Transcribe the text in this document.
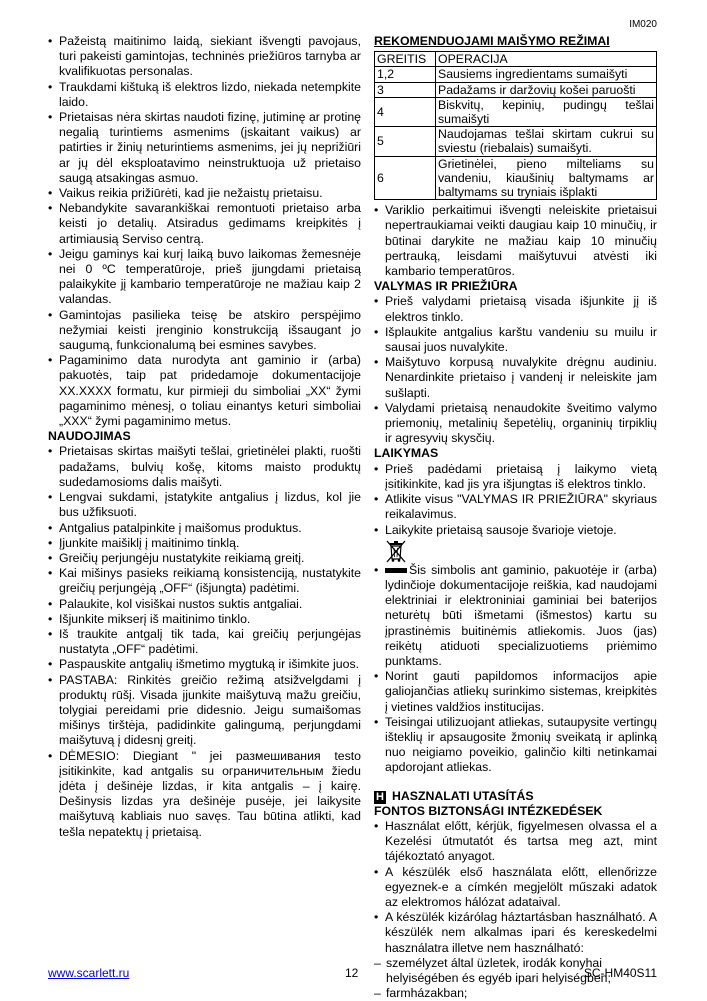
IM020
• Pažeistą maitinimo laidą, siekiant išvengti pavojaus, turi pakeisti gamintojas, techninės priežiūros tarnyba ar kvalifikuotas personalas.
• Traukdami kištuką iš elektros lizdo, niekada netempkite laido.
• Prietaisas nėra skirtas naudoti fizinę, jutiminę ar protinę negalią turintiems asmenims (įskaitant vaikus) ar patirties ir žinių neturintiems asmenims, jei jų neprižiūri ar jų dėl eksploatavimo neinstruktuoja už prietaiso saugą atsakingas asmuo.
• Vaikus reikia prižiūrėti, kad jie nežaistų prietaisu.
• Nebandykite savarankiškai remontuoti prietaiso arba keisti jo detalių. Atsiradus gedimams kreipkitės į artimiausią Serviso centrą.
• Jeigu gaminys kai kurį laiką buvo laikomas žemesnėje nei 0 ºC temperatūroje, prieš įjungdami prietaisą palaikykite jį kambario temperatūroje ne mažiau kaip 2 valandas.
• Gamintojas pasilieka teisę be atskiro perspėjimo nežymiai keisti įrenginio konstrukciją išsaugant jo saugumą, funkcionalumą bei esmines savybes.
• Pagaminimo data nurodyta ant gaminio ir (arba) pakuotės, taip pat pridedamoje dokumentacijoje XX.XXXX formatu, kur pirmieji du simboliai „XX“ žymi pagaminimo mėnesį, o toliau einantys keturi simboliai „XXX“ žymi pagaminimo metus.

NAUDOJIMAS

• Prietaisas skirtas maišyti tešlai, grietinėlei plakti, ruošti padažams, bulvių košę, kitoms maisto produktų sudedamosioms dalis maišyti.
• Lengvai sukdami, įstatykite antgalius į lizdus, kol jie bus užfiksuoti.
• Antgalius patalpinkite į maišomus produktus.
• Įjunkite maišiklį į maitinimo tinklą.
• Greičių perjungėju nustatykite reikiamą greitį.
• Kai mišinys pasieks reikiamą konsistenciją, nustatykite greičių perjungėją „OFF“ (išjungta) padėtimi.
• Palaukite, kol visiškai nustos suktis antgaliai.
• Išjunkite mikserį iš maitinimo tinklo.
• Iš traukite antgalį tik tada, kai greičių perjungėjas nustatyta „OFF“ padėtimi.
• Paspauskite antgalių išmetimo mygtuką ir išimkite juos.
• PASTABA: Rinkitės greičio režimą atsižvelgdami į produktų rūšį. Visada įjunkite maišytuvą mažu greičiu, tolygiai pereidami prie didesnio. Jeigu sumaišomas mišinys tirštėja, padidinkite galingumą, perjungdami maišytuvą į didesnį greitį.
• DĖMESIO: Diegiant " jei размешивания testo įsitikinkite, kad antgalis su ограничительным žiedu įdėta į dešinėje lizdas, ir kita antgalis – į kairę. Dešinysis lizdas yra dešinėje pusėje, jei laikysite maišytuvą kabliais nuo savęs. Tau būtina atlikti, kad tešla nepatektų į prietaisą.

REKOMENDUOJAMI MAIŠYMO REŽIMAI

GREITIS	OPERACIJA
1,2	Sausiems ingredientams sumaišyti
3	Padažams ir daržovių košei paruošti
4	Biskvitų, kepinių, pudingų tešlai sumaišyti
5	Naudojamas tešlai skirtam cukrui su sviestu (riebalais) sumaišyti.
6	Grietinėlei, pieno milteliams su vandeniu, kiaušinių baltymams ar baltymams su tryniais išplakti
• Variklio perkaitimui išvengti neleiskite prietaisui nepertraukiamai veikti daugiau kaip 10 minučių, ir būtinai darykite ne mažiau kaip 10 minučių pertrauką, leisdami maišytuvui atvėsti iki kambario temperatūros.

VALYMAS IR PRIEŽIŪRA

• Prieš valydami prietaisą visada išjunkite jį iš elektros tinklo.
• Išplaukite antgalius karštu vandeniu su muilu ir sausai juos nuvalykite.
• Maišytuvo korpusą nuvalykite drėgnu audiniu. Nenardinkite prietaiso į vandenį ir neleiskite jam sušlapti.
• Valydami prietaisą nenaudokite šveitimo valymo priemonių, metalinių šepetėlių, organinių tirpiklių ir agresyvių skysčių.

LAIKYMAS

• Prieš padėdami prietaisą į laikymo vietą įsitikinkite, kad jis yra išjungtas iš elektros tinklo.
• Atlikite visus "VALYMAS IR PRIEŽIŪRA" skyriaus reikalavimus.
• Laikykite prietaisą sausoje švarioje vietoje.
• Šis simbolis ant gaminio, pakuotėje ir (arba) lydinčioje dokumentacijoje reiškia, kad naudojami elektriniai ir elektroniniai gaminiai bei baterijos neturėtų būti išmetami (išmestos) kartu su įprastinėmis buitinėmis atliekomis. Juos (jas) reikėtų atiduoti specializuotiems priėmimo punktams.
• Norint gauti papildomos informacijos apie galiojančias atliekų surinkimo sistemas, kreipkitės į vietines valdžios institucijas.
• Teisingai utilizuojant atliekas, sutaupysite vertingų išteklių ir apsaugosite žmonių sveikatą ir aplinką nuo neigiamo poveikio, galinčio kilti netinkamai apdorojant atliekas.

H HASZNALATI UTASÍTÁS

FONTOS BIZTONSÁGI INTÉZKEDÉSEK

• Használat előtt, kérjük, figyelmesen olvassa el a Kezelési útmutatót és tartsa meg azt, mint tájékoztató anyagot.
• A készülék első használata előtt, ellenőrizze egyeznek-e a címkén megjelölt műszaki adatok az elektromos hálózat adataival.
• A készülék kizárólag háztartásban használható. A készülék nem alkalmas ipari és kereskedelmi használatra illetve nem használható:
– személyzet által üzletek, irodák konyhai helyiségében és egyéb ipari helyiségben;
– farmházakban;
www.scarlett.ru	12	SC-HM40S11
